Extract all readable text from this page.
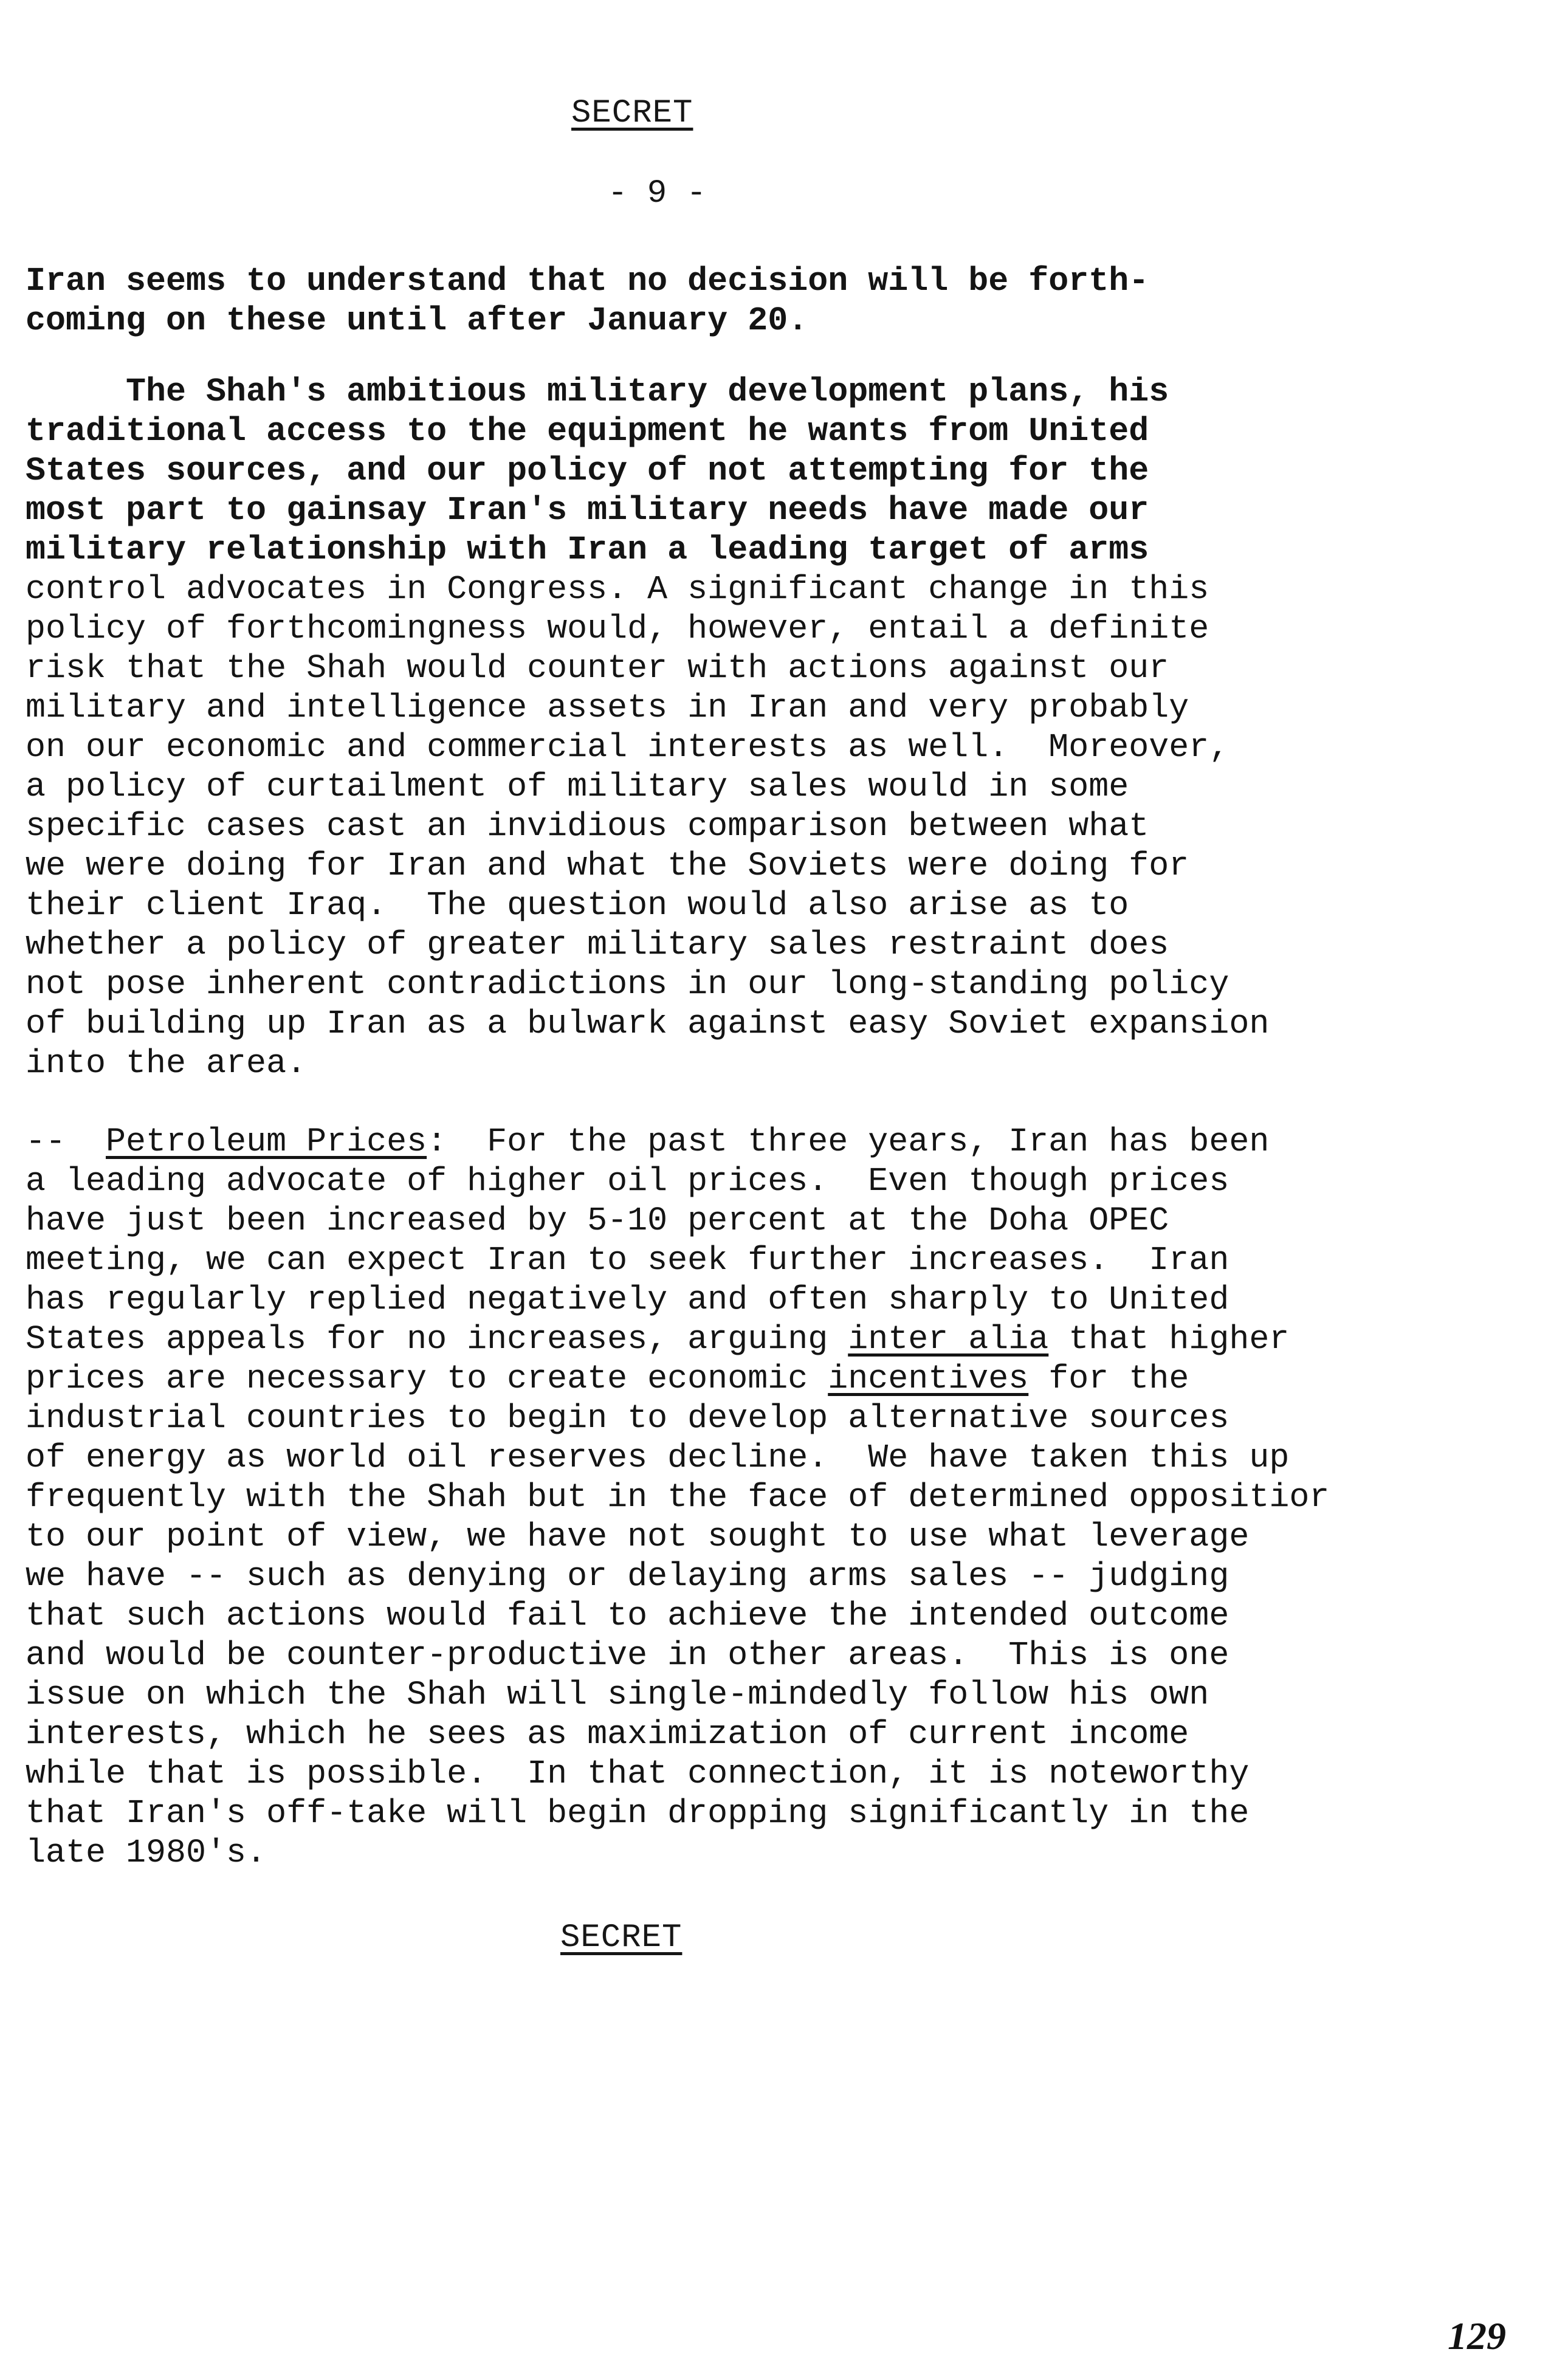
SECRET
- 9 -
Iran seems to understand that no decision will be forth-
coming on these until after January 20.
The Shah's ambitious military development plans, his
traditional access to the equipment he wants from United
States sources, and our policy of not attempting for the
most part to gainsay Iran's military needs have made our
military relationship with Iran a leading target of arms
control advocates in Congress. A significant change in this
policy of forthcomingness would, however, entail a definite
risk that the Shah would counter with actions against our
military and intelligence assets in Iran and very probably
on our economic and commercial interests as well.  Moreover,
a policy of curtailment of military sales would in some
specific cases cast an invidious comparison between what
we were doing for Iran and what the Soviets were doing for
their client Iraq.  The question would also arise as to
whether a policy of greater military sales restraint does
not pose inherent contradictions in our long-standing policy
of building up Iran as a bulwark against easy Soviet expansion
into the area.
--  Petroleum Prices:  For the past three years, Iran has been
a leading advocate of higher oil prices.  Even though prices
have just been increased by 5-10 percent at the Doha OPEC
meeting, we can expect Iran to seek further increases.  Iran
has regularly replied negatively and often sharply to United
States appeals for no increases, arguing inter alia that higher
prices are necessary to create economic incentives for the
industrial countries to begin to develop alternative sources
of energy as world oil reserves decline.  We have taken this up
frequently with the Shah but in the face of determined oppositior
to our point of view, we have not sought to use what leverage
we have -- such as denying or delaying arms sales -- judging
that such actions would fail to achieve the intended outcome
and would be counter-productive in other areas.  This is one
issue on which the Shah will single-mindedly follow his own
interests, which he sees as maximization of current income
while that is possible.  In that connection, it is noteworthy
that Iran's off-take will begin dropping significantly in the
late 1980's.
SECRET
129
